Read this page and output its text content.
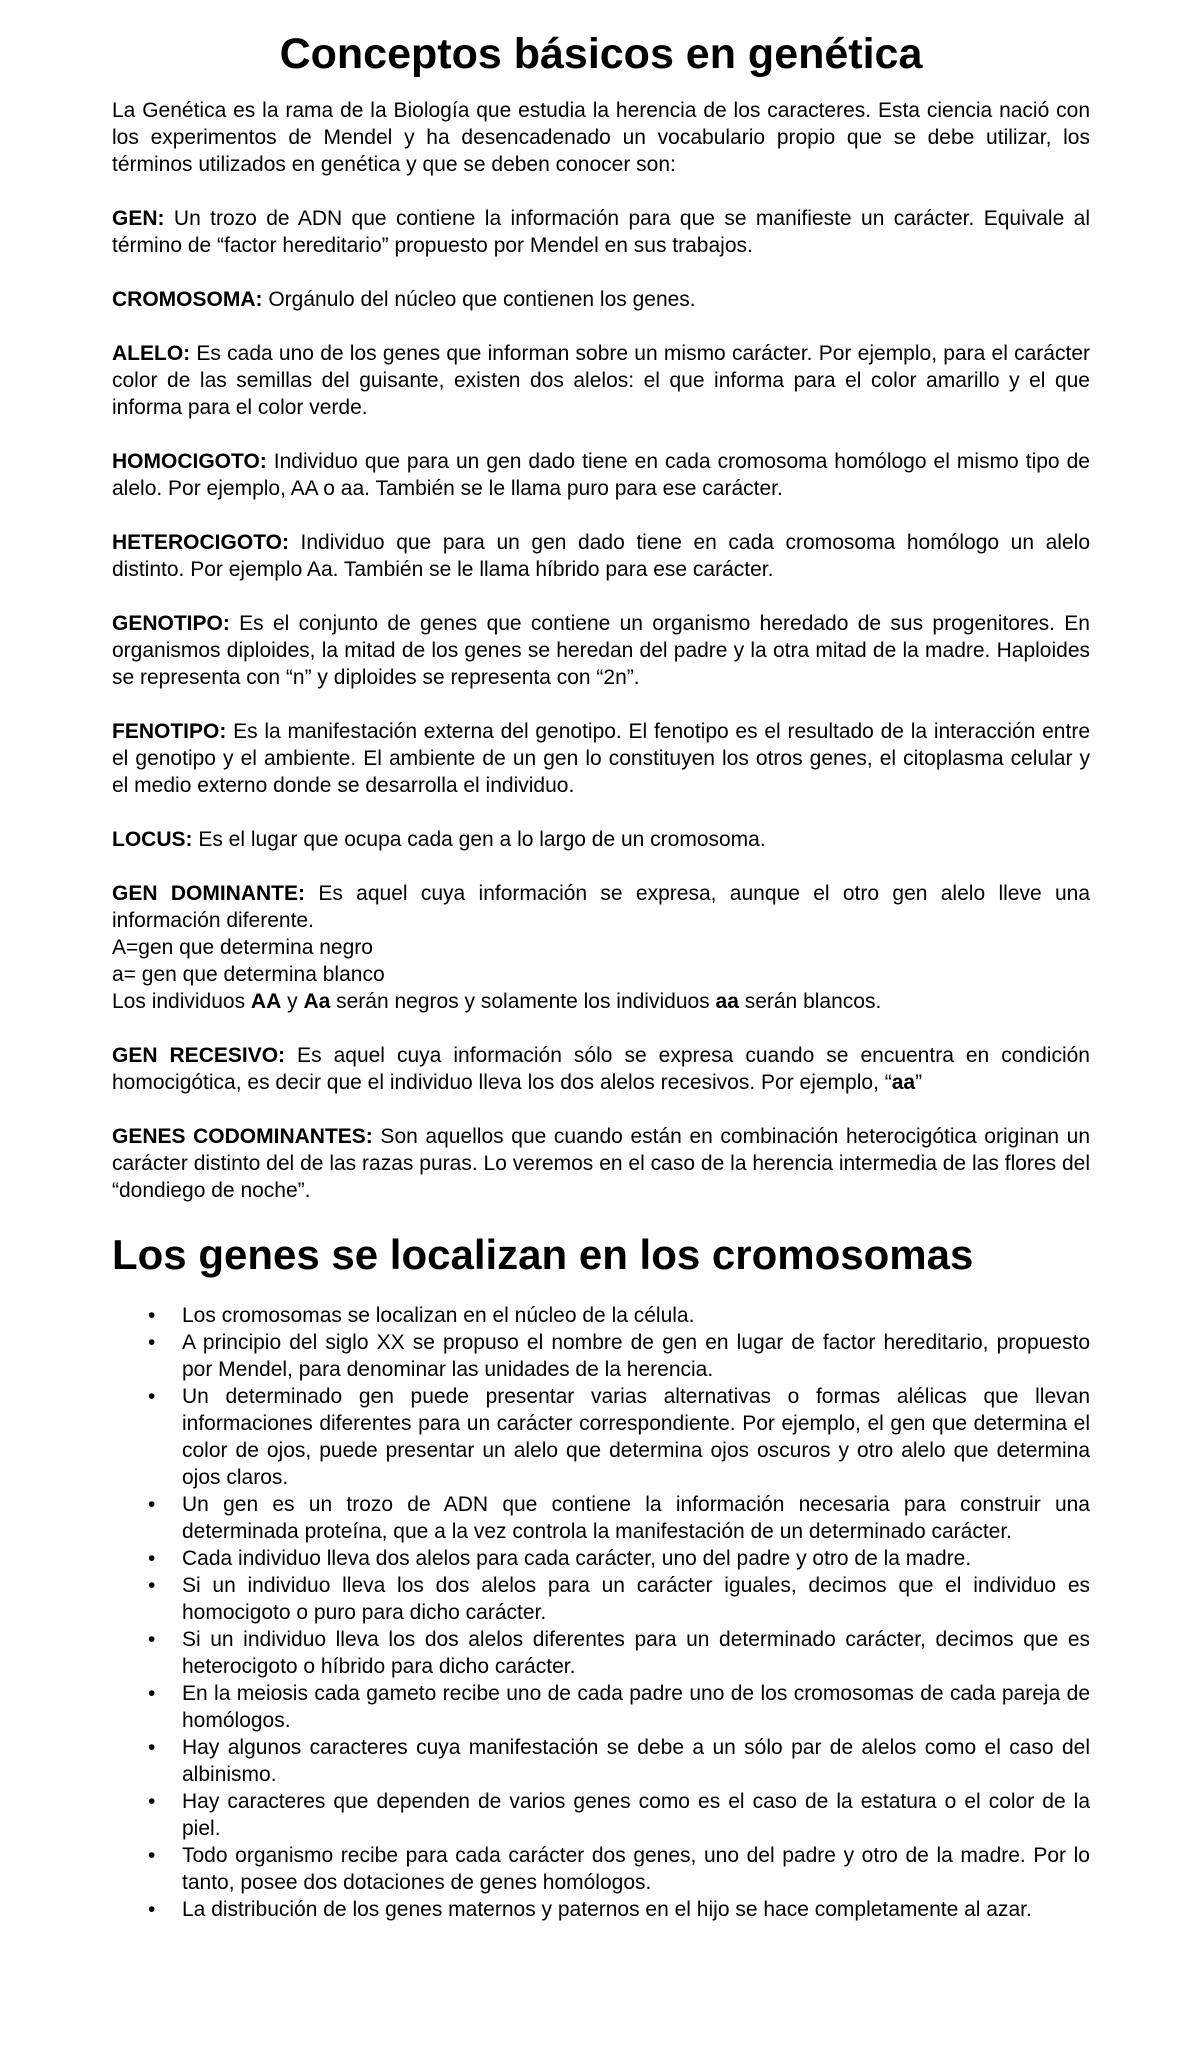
Conceptos básicos en genética

La Genética es la rama de la Biología que estudia la herencia de los caracteres. Esta ciencia nació con los experimentos de Mendel y ha desencadenado un vocabulario propio que se debe utilizar, los términos utilizados en genética y que se deben conocer son:

GEN: Un trozo de ADN que contiene la información para que se manifieste un carácter. Equivale al término de “factor hereditario” propuesto por Mendel en sus trabajos.

CROMOSOMA: Orgánulo del núcleo que contienen los genes.

ALELO: Es cada uno de los genes que informan sobre un mismo carácter. Por ejemplo, para el carácter color de las semillas del guisante, existen dos alelos: el que informa para el color amarillo y el que informa para el color verde.

HOMOCIGOTO: Individuo que para un gen dado tiene en cada cromosoma homólogo el mismo tipo de alelo. Por ejemplo, AA o aa. También se le llama puro para ese carácter.

HETEROCIGOTO: Individuo que para un gen dado tiene en cada cromosoma homólogo un alelo distinto. Por ejemplo Aa. También se le llama híbrido para ese carácter.

GENOTIPO: Es el conjunto de genes que contiene un organismo heredado de sus progenitores. En organismos diploides, la mitad de los genes se heredan del padre y la otra mitad de la madre. Haploides se representa con “n” y diploides se representa con “2n”.

FENOTIPO: Es la manifestación externa del genotipo. El fenotipo es el resultado de la interacción entre el genotipo y el ambiente. El ambiente de un gen lo constituyen los otros genes, el citoplasma celular y el medio externo donde se desarrolla el individuo.

LOCUS: Es el lugar que ocupa cada gen a lo largo de un cromosoma.

GEN DOMINANTE: Es aquel cuya información se expresa, aunque el otro gen alelo lleve una información diferente.

A=gen que determina negro

a= gen que determina blanco

Los individuos AA y Aa serán negros y solamente los individuos aa serán blancos.

GEN RECESIVO: Es aquel cuya información sólo se expresa cuando se encuentra en condición homocigótica, es decir que el individuo lleva los dos alelos recesivos. Por ejemplo, “aa”

GENES CODOMINANTES: Son aquellos que cuando están en combinación heterocigótica originan un carácter distinto del de las razas puras. Lo veremos en el caso de la herencia intermedia de las flores del “dondiego de noche”.

Los genes se localizan en los cromosomas
• Los cromosomas se localizan en el núcleo de la célula.
• A principio del siglo XX se propuso el nombre de gen en lugar de factor hereditario, propuesto por Mendel, para denominar las unidades de la herencia.
• Un determinado gen puede presentar varias alternativas o formas alélicas que llevan informaciones diferentes para un carácter correspondiente. Por ejemplo, el gen que determina el color de ojos, puede presentar un alelo que determina ojos oscuros y otro alelo que determina ojos claros.
• Un gen es un trozo de ADN que contiene la información necesaria para construir una determinada proteína, que a la vez controla la manifestación de un determinado carácter.
• Cada individuo lleva dos alelos para cada carácter, uno del padre y otro de la madre.
• Si un individuo lleva los dos alelos para un carácter iguales, decimos que el individuo es homocigoto o puro para dicho carácter.
• Si un individuo lleva los dos alelos diferentes para un determinado carácter, decimos que es heterocigoto o híbrido para dicho carácter.
• En la meiosis cada gameto recibe uno de cada padre uno de los cromosomas de cada pareja de homólogos.
• Hay algunos caracteres cuya manifestación se debe a un sólo par de alelos como el caso del albinismo.
• Hay caracteres que dependen de varios genes como es el caso de la estatura o el color de la piel.
• Todo organismo recibe para cada carácter dos genes, uno del padre y otro de la madre. Por lo tanto, posee dos dotaciones de genes homólogos.
• La distribución de los genes maternos y paternos en el hijo se hace completamente al azar.
